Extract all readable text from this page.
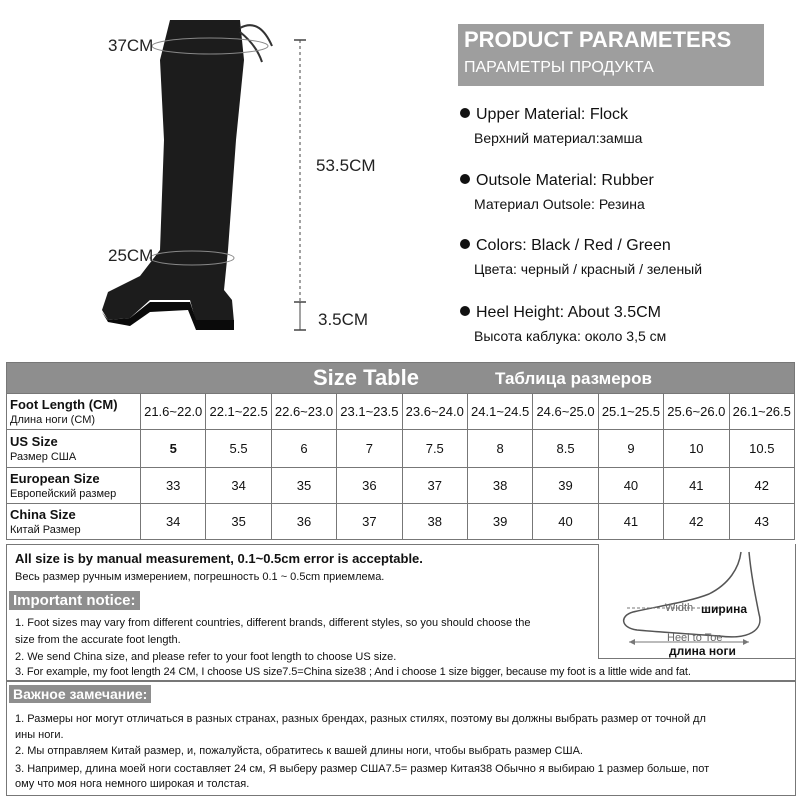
37CM
53.5CM
25CM
3.5CM
PRODUCT PARAMETERS
ПАРАМЕТРЫ ПРОДУКТА
Upper Material: Flock
Верхний материал:замша
Outsole Material: Rubber
Материал Outsole: Резина
Colors: Black / Red / Green
Цвета: черный / красный / зеленый
Heel Height: About 3.5CM
Высота каблука: около 3,5 см
Size Table Таблица размеров										

Foot Length (CM)
Длина ноги (CM)	21.6~22.0	22.1~22.5	22.6~23.0	23.1~23.5	23.6~24.0	24.1~24.5	24.6~25.0	25.1~25.5	25.6~26.0	26.1~26.5

US Size
Размер США	5	5.5	6	7	7.5	8	8.5	9	10	10.5

European Size
Европейский размер	33	34	35	36	37	38	39	40	41	42

China Size
Китай Размер	34	35	36	37	38	39	40	41	42	43
All size is by manual measurement, 0.1~0.5cm error is acceptable.
Весь размер ручным измерением, погрешность 0.1 ~ 0.5cm приемлема.
Important notice:
1. Foot sizes may vary from different countries, different brands, different styles, so you should choose the
size from the accurate foot length.
2. We send China size, and please refer to your foot length to choose US size.
3. For example, my foot length 24 CM, I choose US size7.5=China size38 ; And i choose 1 size bigger, because my foot is a little wide and fat.
Width ширина
Heel to Toe
длина ноги
Важное замечание:
1. Размеры ног могут отличаться в разных странах, разных брендах, разных стилях, поэтому вы должны выбрать размер от точной дл
ины ноги.
2. Мы отправляем Китай размер, и, пожалуйста, обратитесь к вашей длины ноги, чтобы выбрать размер США.
3. Например, длина моей ноги составляет 24 см, Я выберу размер США7.5= размер Китая38 Обычно я выбираю 1 размер больше, пот
ому что моя нога немного широкая и толстая.
